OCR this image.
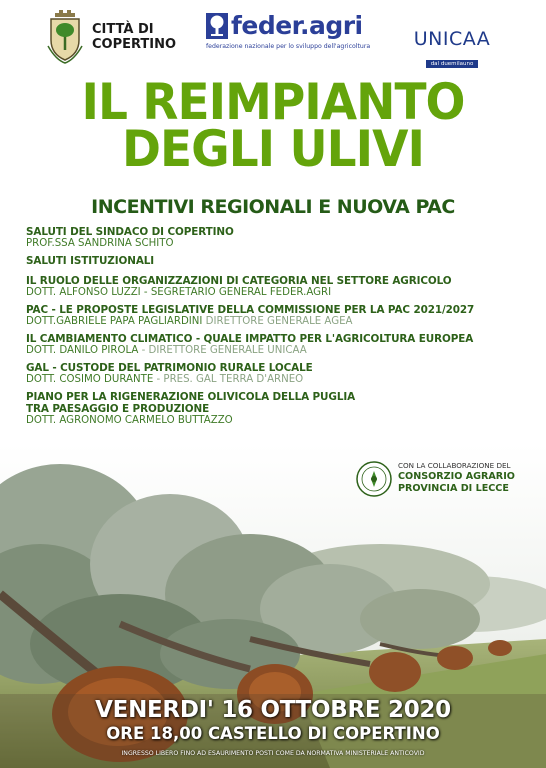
CITTÀ DI
COPERTINO
feder.agri
federazione nazionale per lo sviluppo dell'agricoltura	UNICAA
dal duemilauno
IL REIMPIANTO
DEGLI ULIVI
INCENTIVI REGIONALI E NUOVA PAC
SALUTI DEL SINDACO DI COPERTINO
PROF.SSA SANDRINA SCHITO
SALUTI ISTITUZIONALI
IL RUOLO DELLE ORGANIZZAZIONI DI CATEGORIA NEL SETTORE AGRICOLO
DOTT. ALFONSO LUZZI - SEGRETARIO GENERAL FEDER.AGRI
PAC - LE PROPOSTE LEGISLATIVE DELLA COMMISSIONE PER LA PAC 2021/2027
DOTT.GABRIELE PAPA PAGLIARDINI DIRETTORE GENERALE AGEA
IL CAMBIAMENTO CLIMATICO - QUALE IMPATTO PER L'AGRICOLTURA EUROPEA
DOTT. DANILO PIROLA - DIRETTORE GENERALE UNICAA
GAL - CUSTODE DEL PATRIMONIO RURALE LOCALE
DOTT. COSIMO DURANTE - PRES. GAL TERRA D'ARNEO
PIANO PER LA RIGENERAZIONE OLIVICOLA DELLA PUGLIA
TRA PAESAGGIO E PRODUZIONE
DOTT. AGRONOMO CARMELO BUTTAZZO
CON LA COLLABORAZIONE DEL
CONSORZIO AGRARIO
PROVINCIA DI LECCE
VENERDI' 16 OTTOBRE 2020
ORE 18,00 CASTELLO DI COPERTINO
INGRESSO LIBERO FINO AD ESAURIMENTO POSTI COME DA NORMATIVA MINISTERIALE ANTICOVID
